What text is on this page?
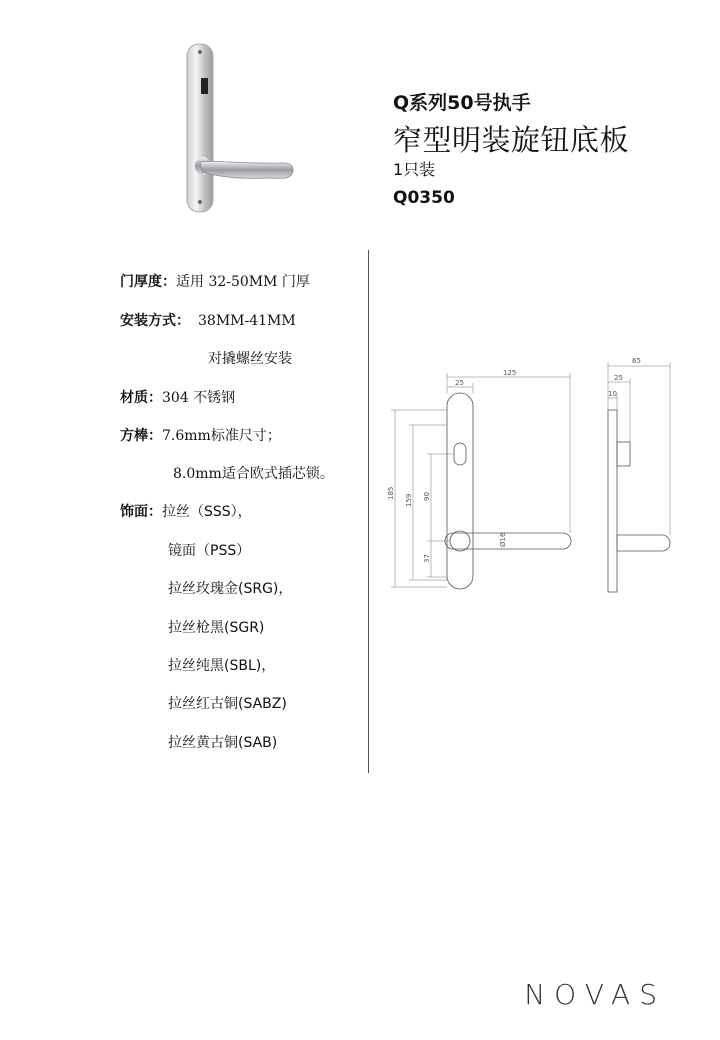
Q系列50号执手
窄型明装旋钮底板
1只装
Q0350
门厚度：适用 32-50MM 门厚
安装方式： 38MM-41MM
对撬螺丝安装
材质：304 不锈钢
方棒：7.6mm标准尺寸；
8.0mm适合欧式插芯锁。
饰面：拉丝（SSS），
镜面（PSS）
拉丝玫瑰金(SRG)，
拉丝枪黑(SGR)
拉丝纯黑(SBL)，
拉丝红古铜(SABZ)
拉丝黄古铜(SAB)
125
25
185
159 90
37
Ø16
65
25
10
NOVAS
